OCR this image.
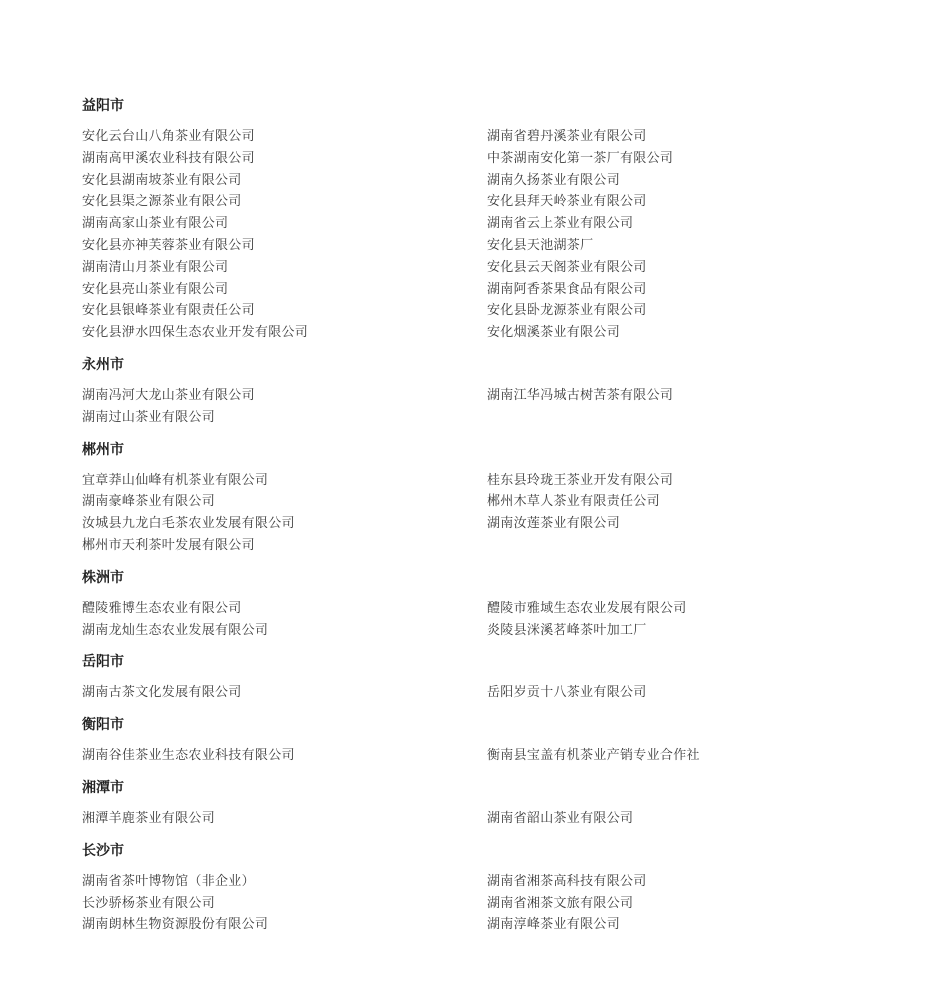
益阳市
安化云台山八角茶业有限公司	湖南省碧丹溪茶业有限公司
湖南高甲溪农业科技有限公司	中茶湖南安化第一茶厂有限公司
安化县湖南坡茶业有限公司	湖南久扬茶业有限公司
安化县渠之源茶业有限公司	安化县拜天岭茶业有限公司
湖南高家山茶业有限公司	湖南省云上茶业有限公司
安化县亦神芙蓉茶业有限公司	安化县天池湖茶厂
湖南清山月茶业有限公司	安化县云天阁茶业有限公司
安化县亮山茶业有限公司	湖南阿香茶果食品有限公司
安化县银峰茶业有限责任公司	安化县卧龙源茶业有限公司
安化县洢水四保生态农业开发有限公司	安化烟溪茶业有限公司
永州市
湖南冯河大龙山茶业有限公司	湖南江华冯城古树苦茶有限公司
湖南过山茶业有限公司
郴州市
宜章莽山仙峰有机茶业有限公司	桂东县玲珑王茶业开发有限公司
湖南豪峰茶业有限公司	郴州木草人茶业有限责任公司
汝城县九龙白毛茶农业发展有限公司	湖南汝莲茶业有限公司
郴州市天利茶叶发展有限公司
株洲市
醴陵雅博生态农业有限公司	醴陵市雅域生态农业发展有限公司
湖南龙灿生态农业发展有限公司	炎陵县洣溪茗峰茶叶加工厂
岳阳市
湖南古茶文化发展有限公司	岳阳岁贡十八茶业有限公司
衡阳市
湖南谷佳茶业生态农业科技有限公司	衡南县宝盖有机茶业产销专业合作社
湘潭市
湘潭羊鹿茶业有限公司	湖南省韶山茶业有限公司
长沙市
湖南省茶叶博物馆（非企业）	湖南省湘茶高科技有限公司
长沙骄杨茶业有限公司	湖南省湘茶文旅有限公司
湖南朗林生物资源股份有限公司	湖南淳峰茶业有限公司
